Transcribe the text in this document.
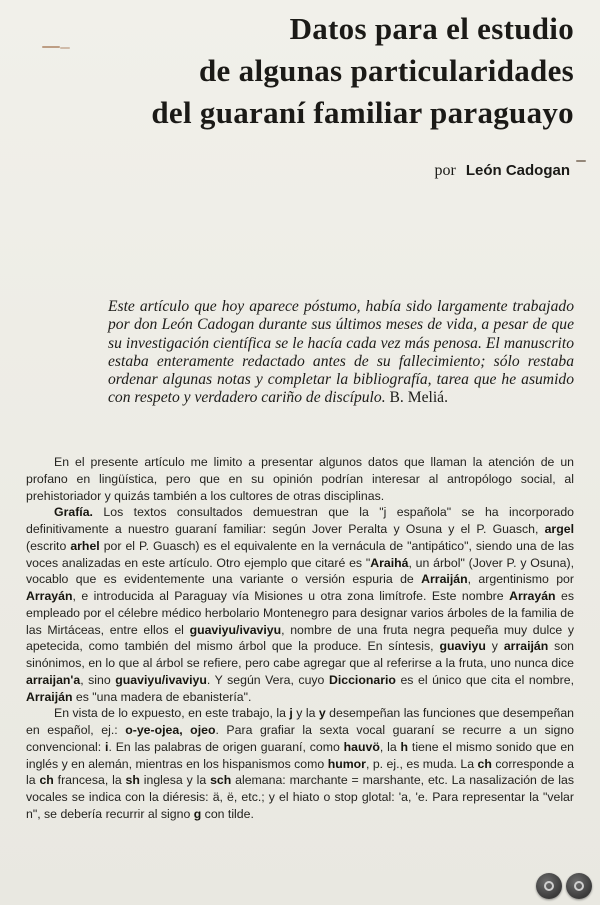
Datos para el estudio
de algunas particularidades
del guaraní familiar paraguayo
por León Cadogan
Este artículo que hoy aparece póstumo, había sido largamente trabajado por don León Cadogan durante sus últimos meses de vida, a pesar de que su investigación científica se le hacía cada vez más penosa. El manuscrito estaba enteramente redactado antes de su fallecimiento; sólo restaba ordenar algunas notas y completar la bibliografía, tarea que he asumido con respeto y verdadero cariño de discípulo. B. Meliá.

En el presente artículo me limito a presentar algunos datos que llaman la atención de un profano en lingüística, pero que en su opinión podrían interesar al antropólogo social, al prehistoriador y quizás también a los cultores de otras disciplinas.

Grafía. Los textos consultados demuestran que la "j española" se ha incorporado definitivamente a nuestro guaraní familiar: según Jover Peralta y Osuna y el P. Guasch, argel (escrito arhel por el P. Guasch) es el equivalente en la vernácula de "antipático", siendo una de las voces analizadas en este artículo. Otro ejemplo que citaré es "Araihá, un árbol" (Jover P. y Osuna), vocablo que es evidentemente una variante o versión espuria de Arraiján, argentinismo por Arrayán, e introducida al Paraguay vía Misiones u otra zona limítrofe. Este nombre Arrayán es empleado por el célebre médico herbolario Montenegro para designar varios árboles de la familia de las Mirtáceas, entre ellos el guaviyu/ivaviyu, nombre de una fruta negra pequeña muy dulce y apetecida, como también del mismo árbol que la produce. En síntesis, guaviyu y arraiján son sinónimos, en lo que al árbol se refiere, pero cabe agregar que al referirse a la fruta, uno nunca dice arraijan'a, sino guaviyu/ivaviyu. Y según Vera, cuyo Diccionario es el único que cita el nombre, Arraiján es "una madera de ebanistería".

En vista de lo expuesto, en este trabajo, la j y la y desempeñan las funciones que desempeñan en español, ej.: o-ye-ojea, ojeo. Para grafiar la sexta vocal guaraní se recurre a un signo convencional: i. En las palabras de origen guaraní, como hauvö, la h tiene el mismo sonido que en inglés y en alemán, mientras en los hispanismos como humor, p. ej., es muda. La ch corresponde a la ch francesa, la sh inglesa y la sch alemana: marchante = marshante, etc. La nasalización de las vocales se indica con la diéresis: ä, ë, etc.; y el hiato o stop glotal: 'a, 'e. Para representar la "velar n", se debería recurrir al signo g con tilde.
